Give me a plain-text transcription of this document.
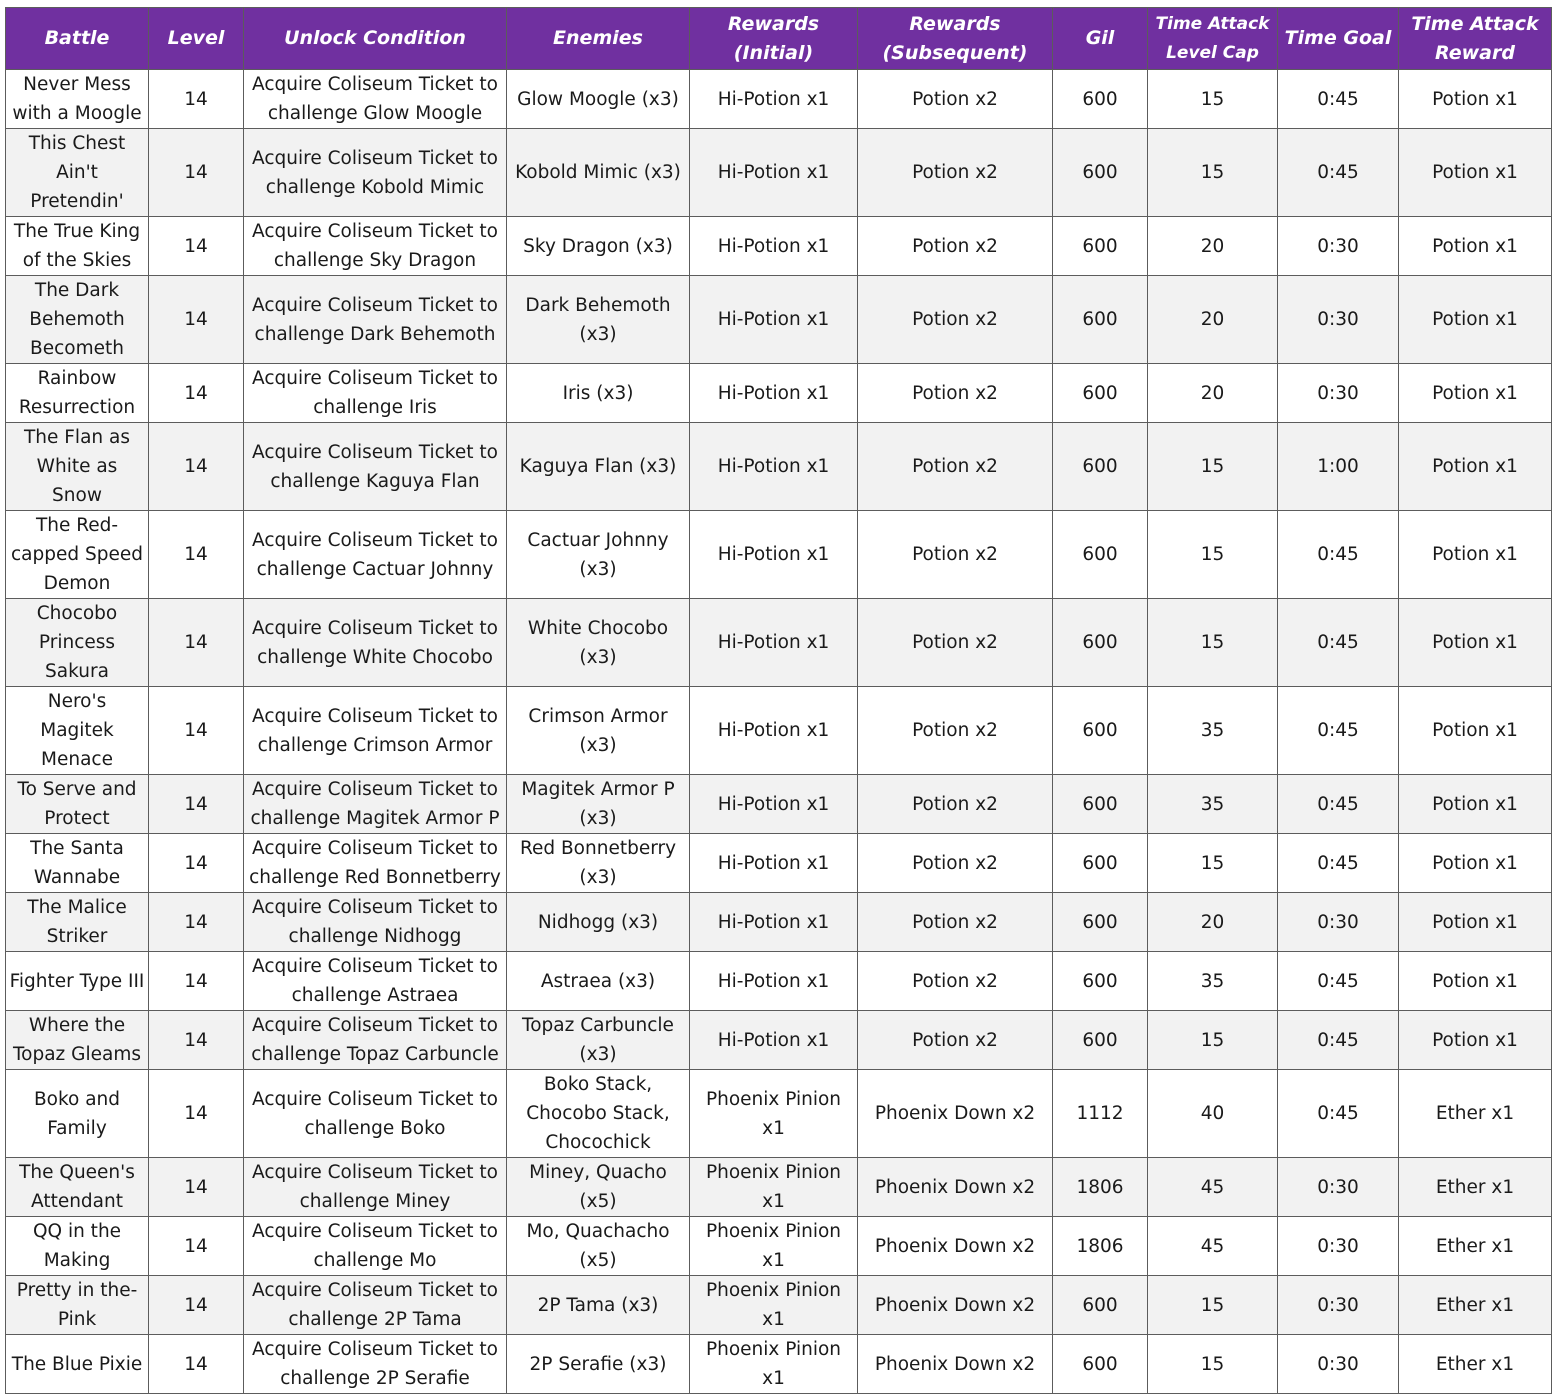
Battle	Level	Unlock Condition	Enemies	Rewards (Initial)	Rewards (Subsequent)	Gil	Time Attack Level Cap	Time Goal	Time Attack Reward
Never Mess with a Moogle	14	Acquire Coliseum Ticket to challenge Glow Moogle	Glow Moogle (x3)	Hi-Potion x1	Potion x2	600	15	0:45	Potion x1
This Chest Ain't Pretendin'	14	Acquire Coliseum Ticket to challenge Kobold Mimic	Kobold Mimic (x3)	Hi-Potion x1	Potion x2	600	15	0:45	Potion x1
The True King of the Skies	14	Acquire Coliseum Ticket to challenge Sky Dragon	Sky Dragon (x3)	Hi-Potion x1	Potion x2	600	20	0:30	Potion x1
The Dark Behemoth Becometh	14	Acquire Coliseum Ticket to challenge Dark Behemoth	Dark Behemoth (x3)	Hi-Potion x1	Potion x2	600	20	0:30	Potion x1
Rainbow Resurrection	14	Acquire Coliseum Ticket to challenge Iris	Iris (x3)	Hi-Potion x1	Potion x2	600	20	0:30	Potion x1
The Flan as White as Snow	14	Acquire Coliseum Ticket to challenge Kaguya Flan	Kaguya Flan (x3)	Hi-Potion x1	Potion x2	600	15	1:00	Potion x1
The Red-capped Speed Demon	14	Acquire Coliseum Ticket to challenge Cactuar Johnny	Cactuar Johnny (x3)	Hi-Potion x1	Potion x2	600	15	0:45	Potion x1
Chocobo Princess Sakura	14	Acquire Coliseum Ticket to challenge White Chocobo	White Chocobo (x3)	Hi-Potion x1	Potion x2	600	15	0:45	Potion x1
Nero's Magitek Menace	14	Acquire Coliseum Ticket to challenge Crimson Armor	Crimson Armor (x3)	Hi-Potion x1	Potion x2	600	35	0:45	Potion x1
To Serve and Protect	14	Acquire Coliseum Ticket to challenge Magitek Armor P	Magitek Armor P (x3)	Hi-Potion x1	Potion x2	600	35	0:45	Potion x1
The Santa Wannabe	14	Acquire Coliseum Ticket to challenge Red Bonnetberry	Red Bonnetberry (x3)	Hi-Potion x1	Potion x2	600	15	0:45	Potion x1
The Malice Striker	14	Acquire Coliseum Ticket to challenge Nidhogg	Nidhogg (x3)	Hi-Potion x1	Potion x2	600	20	0:30	Potion x1
Fighter Type III	14	Acquire Coliseum Ticket to challenge Astraea	Astraea (x3)	Hi-Potion x1	Potion x2	600	35	0:45	Potion x1
Where the Topaz Gleams	14	Acquire Coliseum Ticket to challenge Topaz Carbuncle	Topaz Carbuncle (x3)	Hi-Potion x1	Potion x2	600	15	0:45	Potion x1
Boko and Family	14	Acquire Coliseum Ticket to challenge Boko	Boko Stack, Chocobo Stack, Chocochick	Phoenix Pinion x1	Phoenix Down x2	1112	40	0:45	Ether x1
The Queen's Attendant	14	Acquire Coliseum Ticket to challenge Miney	Miney, Quacho (x5)	Phoenix Pinion x1	Phoenix Down x2	1806	45	0:30	Ether x1
QQ in the Making	14	Acquire Coliseum Ticket to challenge Mo	Mo, Quachacho (x5)	Phoenix Pinion x1	Phoenix Down x2	1806	45	0:30	Ether x1
Pretty in the-Pink	14	Acquire Coliseum Ticket to challenge 2P Tama	2P Tama (x3)	Phoenix Pinion x1	Phoenix Down x2	600	15	0:30	Ether x1
The Blue Pixie	14	Acquire Coliseum Ticket to challenge 2P Serafie	2P Serafie (x3)	Phoenix Pinion x1	Phoenix Down x2	600	15	0:30	Ether x1
